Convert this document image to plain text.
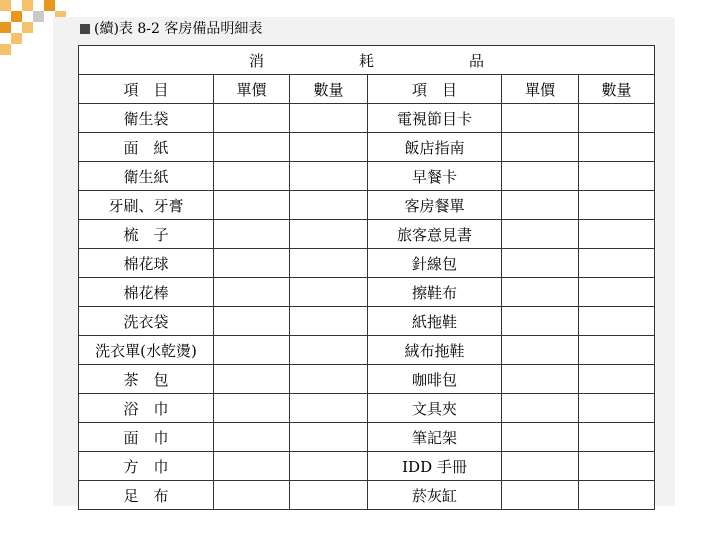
(續)表 8-2 客房備品明細表
消　耗　品					
項　目	單價	數量	項　目	單價	數量
衛生袋			電視節目卡		
面　紙			飯店指南		
衛生紙			早餐卡		
牙刷、牙膏			客房餐單		
梳　子			旅客意見書		
棉花球			針線包		
棉花棒			擦鞋布		
洗衣袋			紙拖鞋		
洗衣單(水乾燙)			絨布拖鞋		
茶　包			咖啡包		
浴　巾			文具夾		
面　巾			筆記架		
方　巾			IDD 手冊		
足　布			菸灰缸		
